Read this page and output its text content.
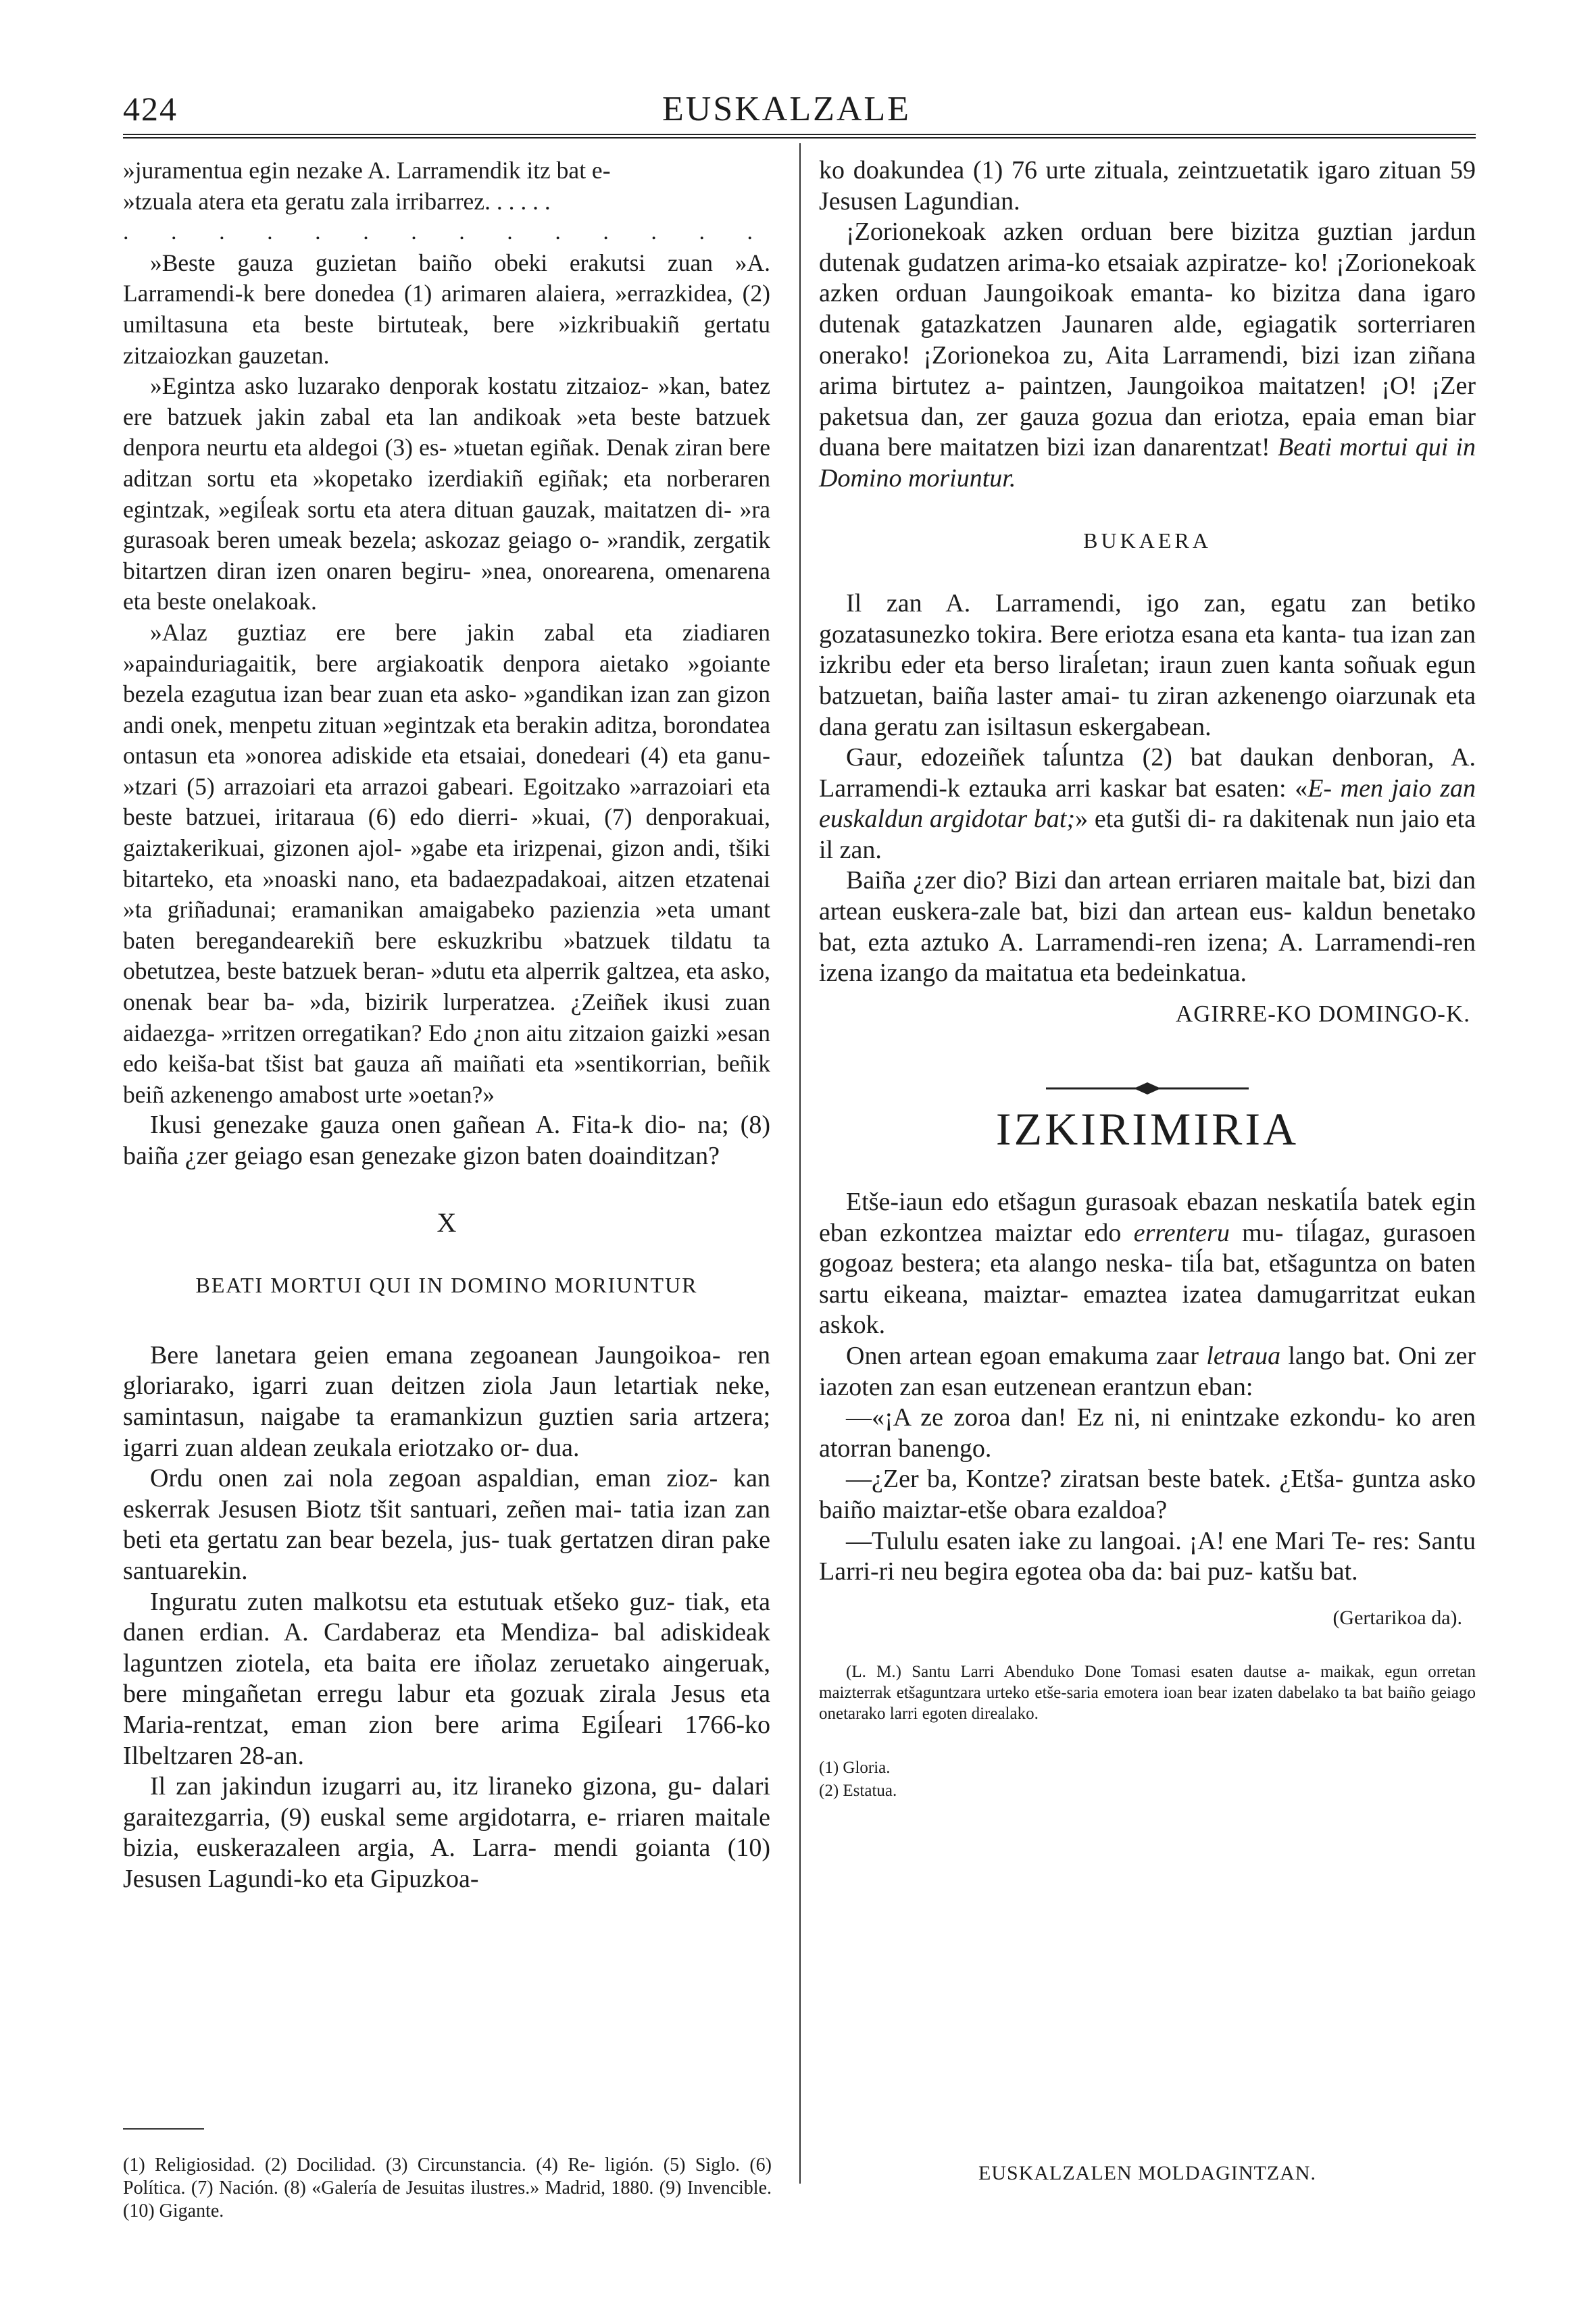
424	EUSKALZALE

»juramentua egin nezake A. Larramendik itz bat e-

»tzuala atera eta geratu zala irribarrez. . . . . .

. . . . . . . . . . . . . .

»Beste gauza guzietan baiño obeki erakutsi zuan »A. Larramendi-k bere donedea (1) arimaren alaiera, »errazkidea, (2) umiltasuna eta beste birtuteak, bere »izkribuakiñ gertatu zitzaiozkan gauzetan.

»Egintza asko luzarako denporak kostatu zitzaioz- »kan, batez ere batzuek jakin zabal eta lan andikoak »eta beste batzuek denpora neurtu eta aldegoi (3) es- »tuetan egiñak. Denak ziran bere aditzan sortu eta »kopetako izerdiakiñ egiñak; eta norberaren egintzak, »egiĺeak sortu eta atera dituan gauzak, maitatzen di- »ra gurasoak beren umeak bezela; askozaz geiago o- »randik, zergatik bitartzen diran izen onaren begiru- »nea, onorearena, omenarena eta beste onelakoak.

»Alaz guztiaz ere bere jakin zabal eta ziadiaren »apainduriagaitik, bere argiakoatik denpora aietako »goiante bezela ezagutua izan bear zuan eta asko- »gandikan izan zan gizon andi onek, menpetu zituan »egintzak eta berakin aditza, borondatea ontasun eta »onorea adiskide eta etsaiai, donedeari (4) eta ganu- »tzari (5) arrazoiari eta arrazoi gabeari. Egoitzako »arrazoiari eta beste batzuei, iritaraua (6) edo dierri- »kuai, (7) denporakuai, gaiztakerikuai, gizonen ajol- »gabe eta irizpenai, gizon andi, tšiki bitarteko, eta »noaski nano, eta badaezpadakoai, aitzen etzatenai »ta griñadunai; eramanikan amaigabeko pazienzia »eta umant baten beregandearekiñ bere eskuzkribu »batzuek tildatu ta obetutzea, beste batzuek beran- »dutu eta alperrik galtzea, eta asko, onenak bear ba- »da, bizirik lurperatzea. ¿Zeiñek ikusi zuan aidaezga- »rritzen orregatikan? Edo ¿non aitu zitzaion gaizki »esan edo keiša-bat tšist bat gauza añ maiñati eta »sentikorrian, beñik beiñ azkenengo amabost urte »oetan?»

Ikusi genezake gauza onen gañean A. Fita-k dio- na; (8) baiña ¿zer geiago esan genezake gizon baten doainditzan?

X
BEATI MORTUI QUI IN DOMINO MORIUNTUR

Bere lanetara geien emana zegoanean Jaungoikoa- ren gloriarako, igarri zuan deitzen ziola Jaun letartiak neke, samintasun, naigabe ta eramankizun guztien saria artzera; igarri zuan aldean zeukala eriotzako or- dua.

Ordu onen zai nola zegoan aspaldian, eman zioz- kan eskerrak Jesusen Biotz tšit santuari, zeñen mai- tatia izan zan beti eta gertatu zan bear bezela, jus- tuak gertatzen diran pake santuarekin.

Inguratu zuten malkotsu eta estutuak etšeko guz- tiak, eta danen erdian. A. Cardaberaz eta Mendiza- bal adiskideak laguntzen ziotela, eta baita ere iñolaz zeruetako aingeruak, bere mingañetan erregu labur eta gozuak zirala Jesus eta Maria-rentzat, eman zion bere arima Egiĺeari 1766-ko Ilbeltzaren 28-an.

Il zan jakindun izugarri au, itz liraneko gizona, gu- dalari garaitezgarria, (9) euskal seme argidotarra, e- rriaren maitale bizia, euskerazaleen argia, A. Larra- mendi goianta (10) Jesusen Lagundi-ko eta Gipuzkoa-

(1) Religiosidad. (2) Docilidad. (3) Circunstancia. (4) Re- ligión. (5) Siglo. (6) Política. (7) Nación. (8) «Galería de Jesuitas ilustres.» Madrid, 1880. (9) Invencible. (10) Gigante.

ko doakundea (1) 76 urte zituala, zeintzuetatik igaro zituan 59 Jesusen Lagundian.

¡Zorionekoak azken orduan bere bizitza guztian jardun dutenak gudatzen arima-ko etsaiak azpiratze- ko! ¡Zorionekoak azken orduan Jaungoikoak emanta- ko bizitza dana igaro dutenak gatazkatzen Jaunaren alde, egiagatik sorterriaren onerako! ¡Zorionekoa zu, Aita Larramendi, bizi izan ziñana arima birtutez a- paintzen, Jaungoikoa maitatzen! ¡O! ¡Zer paketsua dan, zer gauza gozua dan eriotza, epaia eman biar duana bere maitatzen bizi izan danarentzat! Beati mortui qui in Domino moriuntur.

BUKAERA

Il zan A. Larramendi, igo zan, egatu zan betiko gozatasunezko tokira. Bere eriotza esana eta kanta- tua izan zan izkribu eder eta berso liraĺetan; iraun zuen kanta soñuak egun batzuetan, baiña laster amai- tu ziran azkenengo oiarzunak eta dana geratu zan isiltasun eskergabean.

Gaur, edozeiñek taĺuntza (2) bat daukan denboran, A. Larramendi-k eztauka arri kaskar bat esaten: «E- men jaio zan euskaldun argidotar bat;» eta gutši di- ra dakitenak nun jaio eta il zan.

Baiña ¿zer dio? Bizi dan artean erriaren maitale bat, bizi dan artean euskera-zale bat, bizi dan artean eus- kaldun benetako bat, ezta aztuko A. Larramendi-ren izena; A. Larramendi-ren izena izango da maitatua eta bedeinkatua.

AGIRRE-KO DOMINGO-K.
IZKIRIMIRIA

Etše-iaun edo etšagun gurasoak ebazan neskatiĺa batek egin eban ezkontzea maiztar edo errenteru mu- tiĺagaz, gurasoen gogoaz bestera; eta alango neska- tiĺa bat, etšaguntza on baten sartu eikeana, maiztar- emaztea izatea damugarritzat eukan askok.

Onen artean egoan emakuma zaar letraua lango bat. Oni zer iazoten zan esan eutzenean erantzun eban:

—«¡A ze zoroa dan! Ez ni, ni enintzake ezkondu- ko aren atorran banengo.

—¿Zer ba, Kontze? ziratsan beste batek. ¿Etša- guntza asko baiño maiztar-etše obara ezaldoa?

—Tululu esaten iake zu langoai. ¡A! ene Mari Te- res: Santu Larri-ri neu begira egotea oba da: bai puz- katšu bat.

(Gertarikoa da).

(L. M.) Santu Larri Abenduko Done Tomasi esaten dautse a- maikak, egun orretan maizterrak etšaguntzara urteko etše-saria emotera ioan bear izaten dabelako ta bat baiño geiago onetarako larri egoten direalako.

(1) Gloria.

(2) Estatua.

EUSKALZALEN MOLDAGINTZAN.
